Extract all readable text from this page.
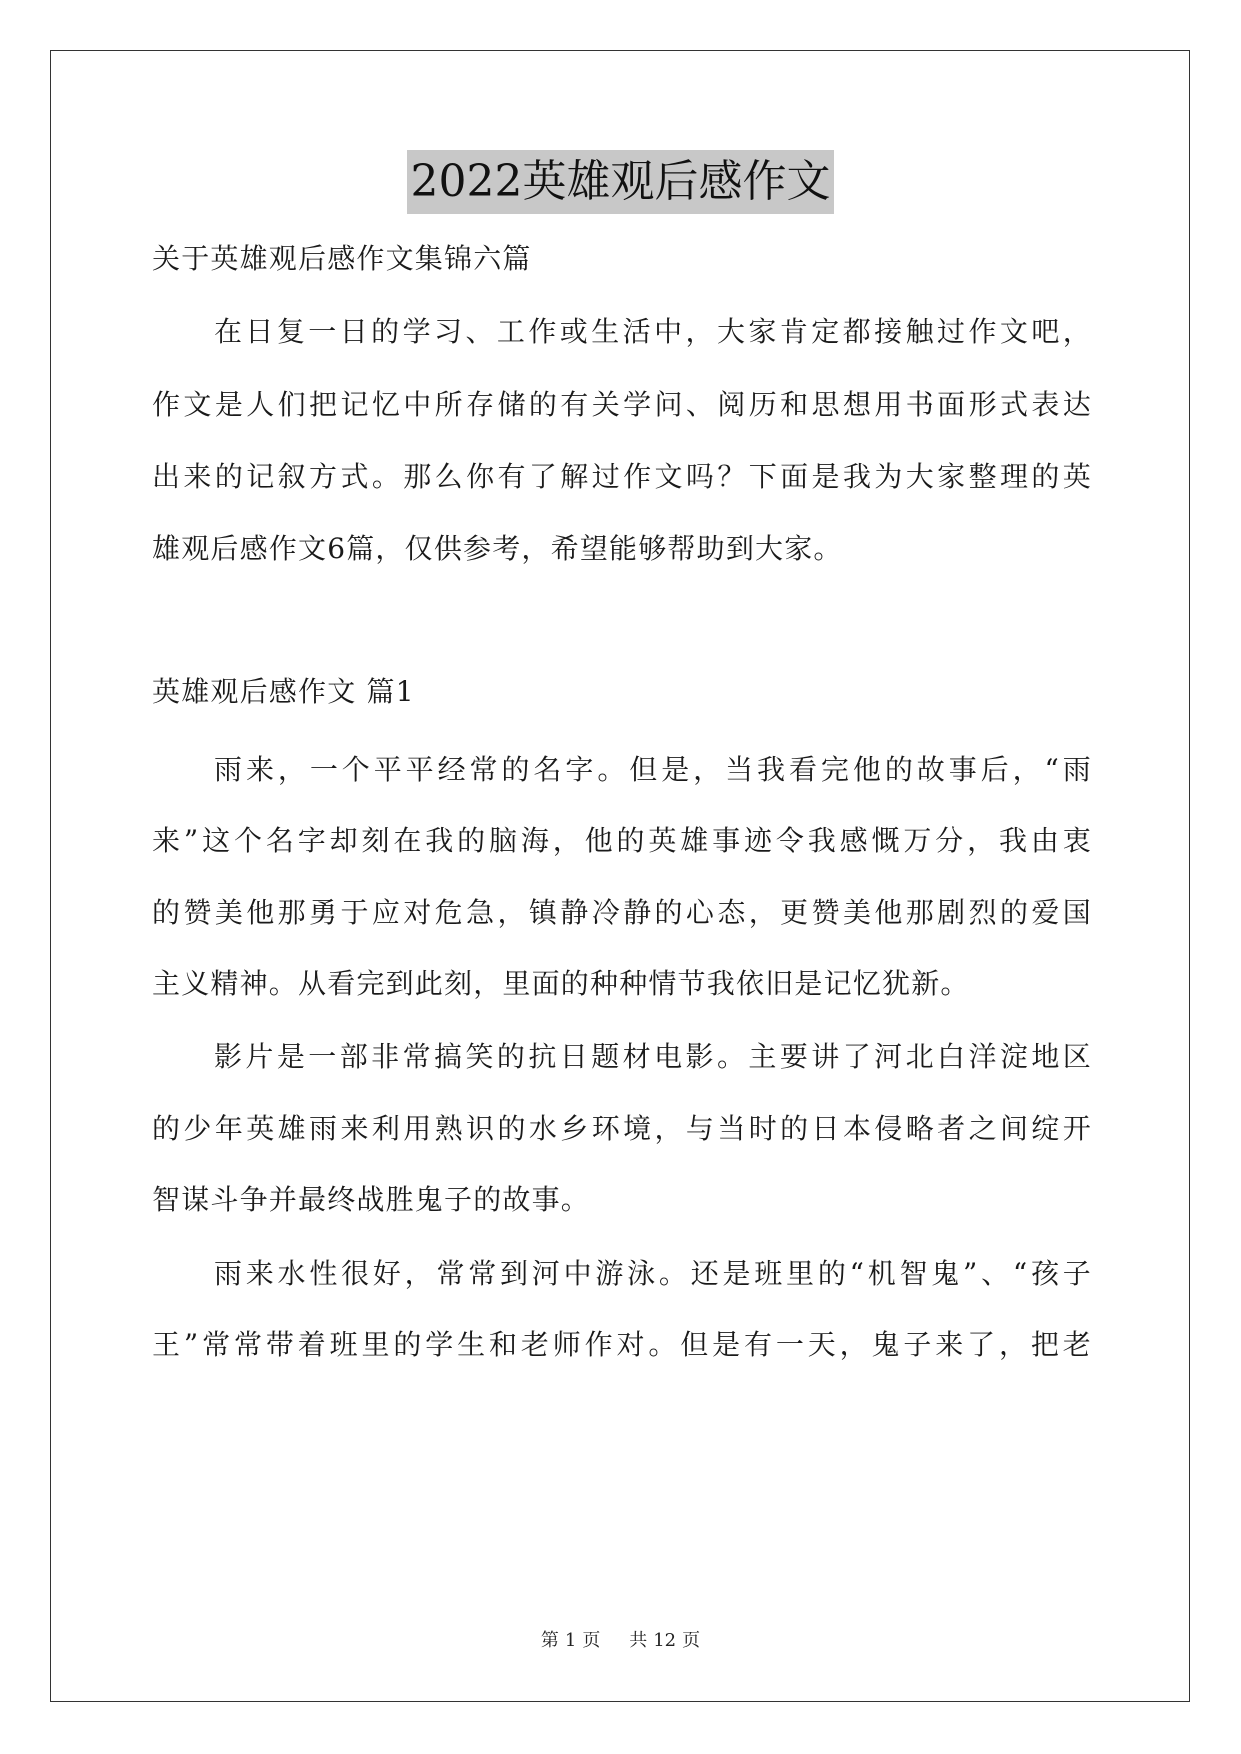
2022英雄观后感作文
关于英雄观后感作文集锦六篇
在日复一日的学习、工作或生活中，大家肯定都接触过作文吧，
作文是人们把记忆中所存储的有关学问、阅历和思想用书面形式表达
出来的记叙方式。那么你有了解过作文吗？下面是我为大家整理的英
雄观后感作文6篇，仅供参考，希望能够帮助到大家。
英雄观后感作文 篇1
雨来，一个平平经常的名字。但是，当我看完他的故事后，“雨
来”这个名字却刻在我的脑海，他的英雄事迹令我感慨万分，我由衷
的赞美他那勇于应对危急，镇静冷静的心态，更赞美他那剧烈的爱国
主义精神。从看完到此刻，里面的种种情节我依旧是记忆犹新。
影片是一部非常搞笑的抗日题材电影。主要讲了河北白洋淀地区
的少年英雄雨来利用熟识的水乡环境，与当时的日本侵略者之间绽开
智谋斗争并最终战胜鬼子的故事。
雨来水性很好，常常到河中游泳。还是班里的“机智鬼”、“孩子
王”常常带着班里的学生和老师作对。但是有一天，鬼子来了，把老
第 1 页 共 12 页
